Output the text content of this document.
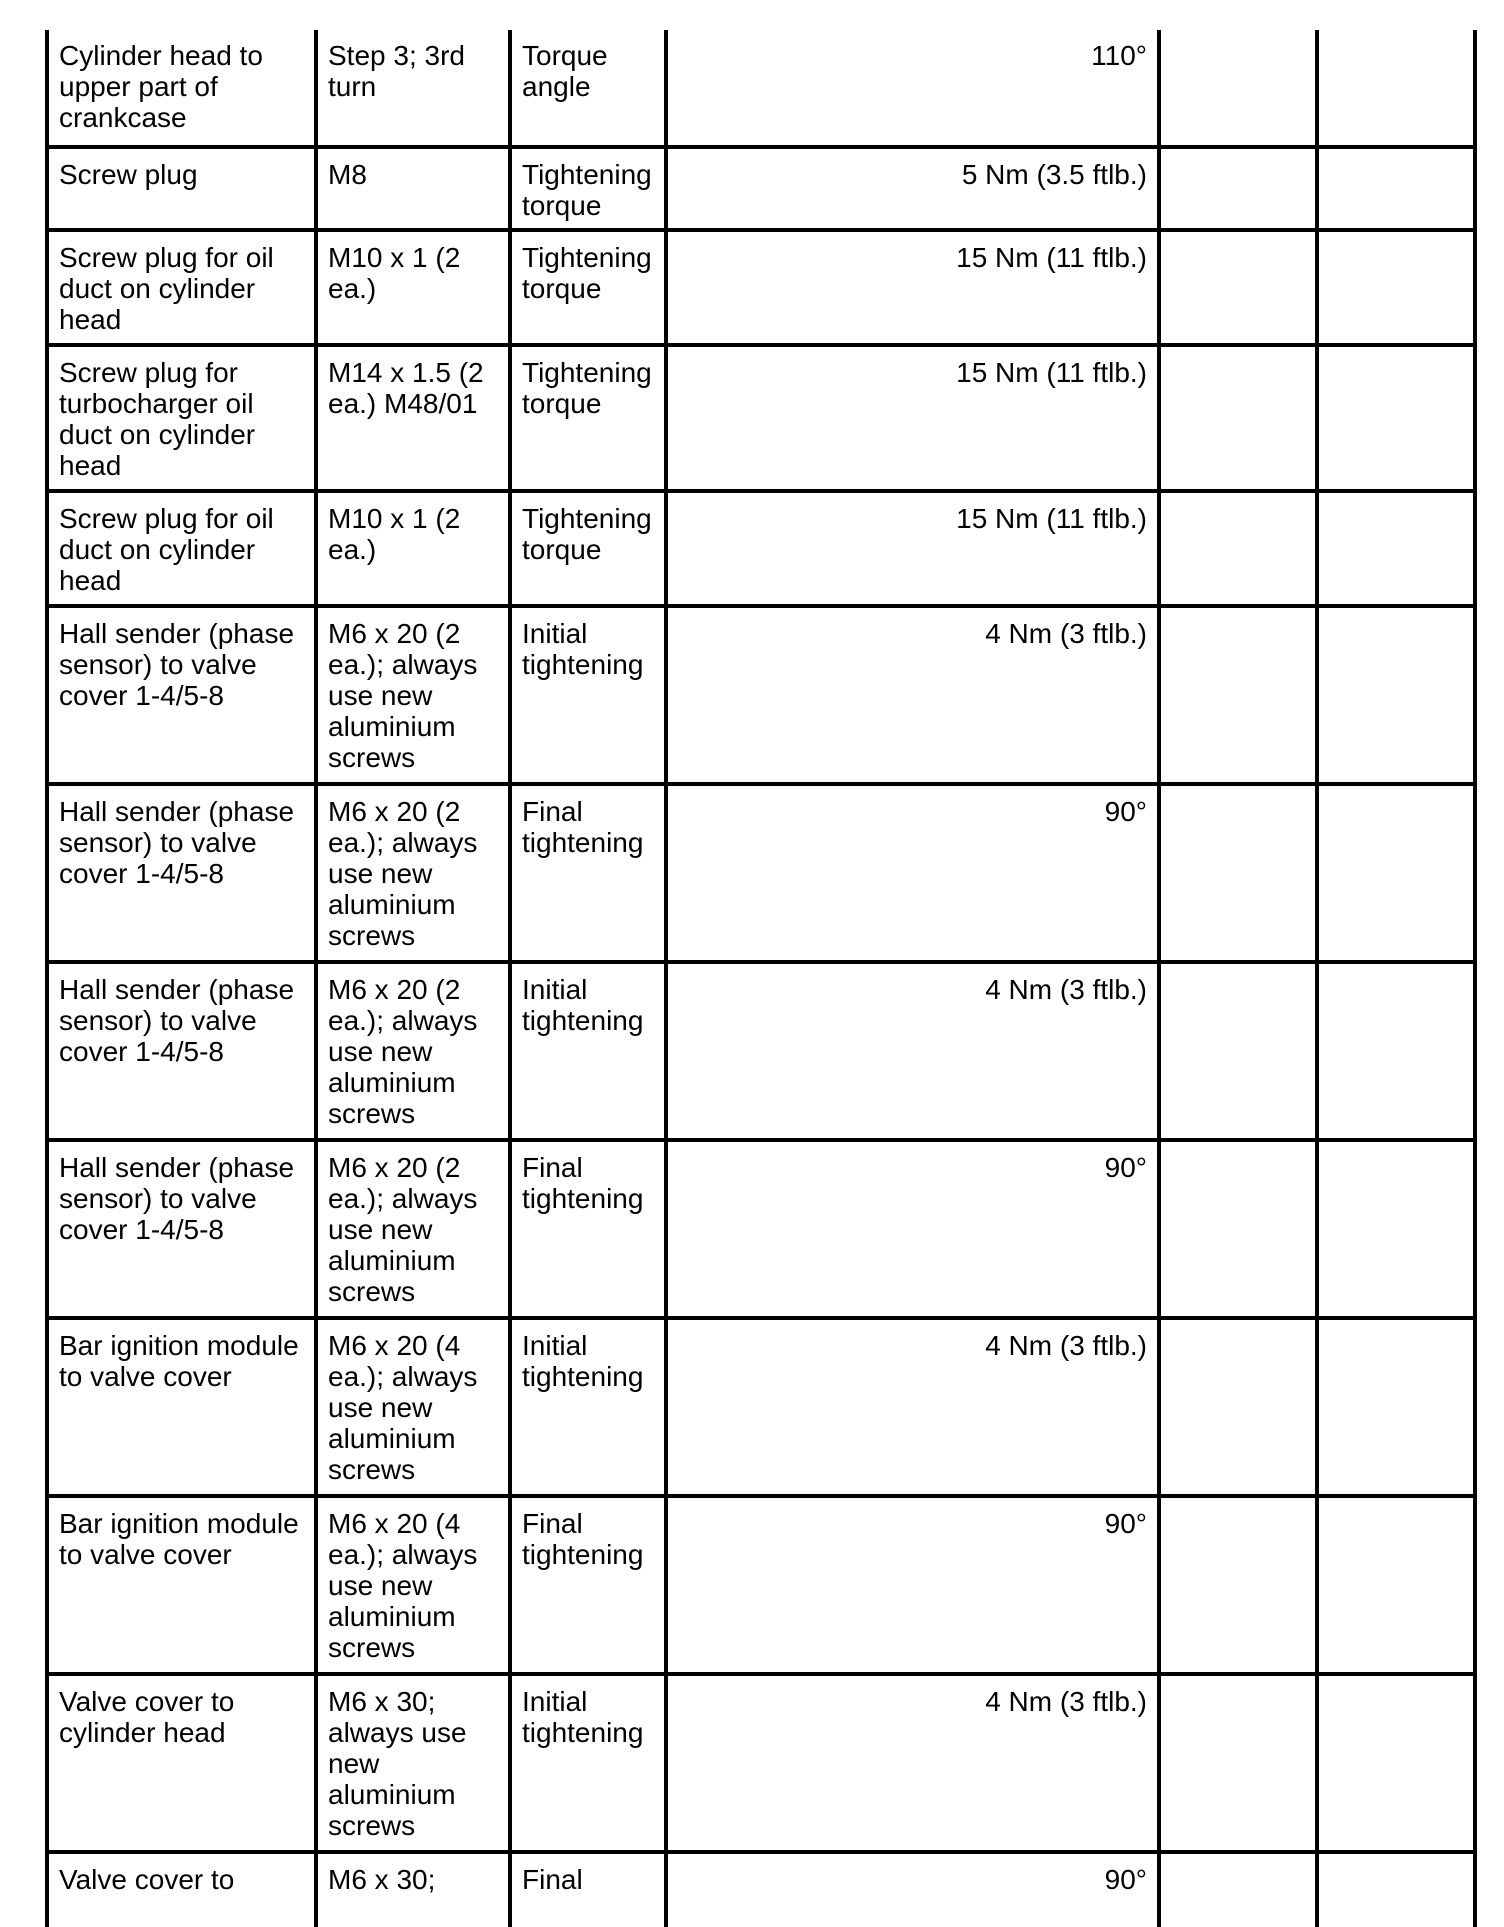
Cylinder head to upper part of crankcase	Step 3; 3rd turn	Torque angle	110°		
Screw plug	M8	Tightening torque	5 Nm (3.5 ftlb.)		
Screw plug for oil duct on cylinder head	M10 x 1 (2 ea.)	Tightening torque	15 Nm (11 ftlb.)		
Screw plug for turbocharger oil duct on cylinder head	M14 x 1.5 (2 ea.) M48/01	Tightening torque	15 Nm (11 ftlb.)		
Screw plug for oil duct on cylinder head	M10 x 1 (2 ea.)	Tightening torque	15 Nm (11 ftlb.)		
Hall sender (phase sensor) to valve cover 1-4/5-8	M6 x 20 (2 ea.); always use new aluminium screws	Initial tightening	4 Nm (3 ftlb.)		
Hall sender (phase sensor) to valve cover 1-4/5-8	M6 x 20 (2 ea.); always use new aluminium screws	Final tightening	90°		
Hall sender (phase sensor) to valve cover 1-4/5-8	M6 x 20 (2 ea.); always use new aluminium screws	Initial tightening	4 Nm (3 ftlb.)		
Hall sender (phase sensor) to valve cover 1-4/5-8	M6 x 20 (2 ea.); always use new aluminium screws	Final tightening	90°		
Bar ignition module to valve cover	M6 x 20 (4 ea.); always use new aluminium screws	Initial tightening	4 Nm (3 ftlb.)		
Bar ignition module to valve cover	M6 x 20 (4 ea.); always use new aluminium screws	Final tightening	90°		
Valve cover to cylinder head	M6 x 30; always use new aluminium screws	Initial tightening	4 Nm (3 ftlb.)		
Valve cover to	M6 x 30;	Final	90°		
